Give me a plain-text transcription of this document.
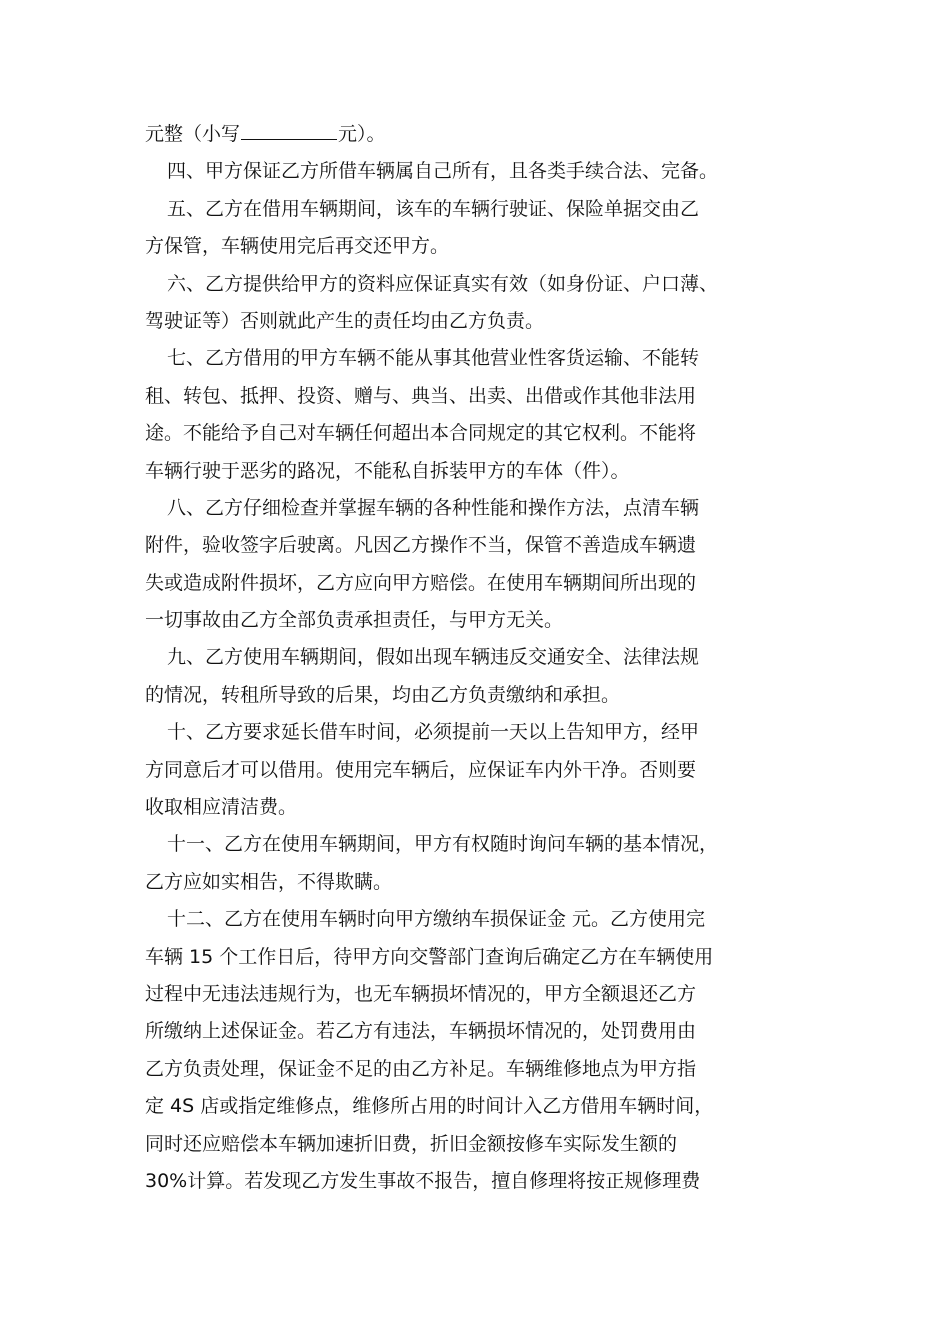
元整（小写	元）。
四、甲方保证乙方所借车辆属自己所有，且各类手续合法、完备。
五、乙方在借用车辆期间，该车的车辆行驶证、保险单据交由乙
方保管，车辆使用完后再交还甲方。
六、乙方提供给甲方的资料应保证真实有效（如身份证、户口薄、
驾驶证等）否则就此产生的责任均由乙方负责。
七、乙方借用的甲方车辆不能从事其他营业性客货运输、不能转
租、转包、抵押、投资、赠与、典当、出卖、出借或作其他非法用
途。不能给予自己对车辆任何超出本合同规定的其它权利。不能将
车辆行驶于恶劣的路况，不能私自拆装甲方的车体（件）。
八、乙方仔细检查并掌握车辆的各种性能和操作方法，点清车辆
附件，验收签字后驶离。凡因乙方操作不当，保管不善造成车辆遗
失或造成附件损坏，乙方应向甲方赔偿。在使用车辆期间所出现的
一切事故由乙方全部负责承担责任，与甲方无关。
九、乙方使用车辆期间，假如出现车辆违反交通安全、法律法规
的情况，转租所导致的后果，均由乙方负责缴纳和承担。
十、乙方要求延长借车时间，必须提前一天以上告知甲方，经甲
方同意后才可以借用。使用完车辆后，应保证车内外干净。否则要
收取相应清洁费。
十一、乙方在使用车辆期间，甲方有权随时询问车辆的基本情况，
乙方应如实相告，不得欺瞒。
十二、乙方在使用车辆时向甲方缴纳车损保证金 元。乙方使用完
车辆 15 个工作日后，待甲方向交警部门查询后确定乙方在车辆使用
过程中无违法违规行为，也无车辆损坏情况的，甲方全额退还乙方
所缴纳上述保证金。若乙方有违法，车辆损坏情况的，处罚费用由
乙方负责处理，保证金不足的由乙方补足。车辆维修地点为甲方指
定 4S 店或指定维修点，维修所占用的时间计入乙方借用车辆时间，
同时还应赔偿本车辆加速折旧费，折旧金额按修车实际发生额的
30%计算。若发现乙方发生事故不报告，擅自修理将按正规修理费
